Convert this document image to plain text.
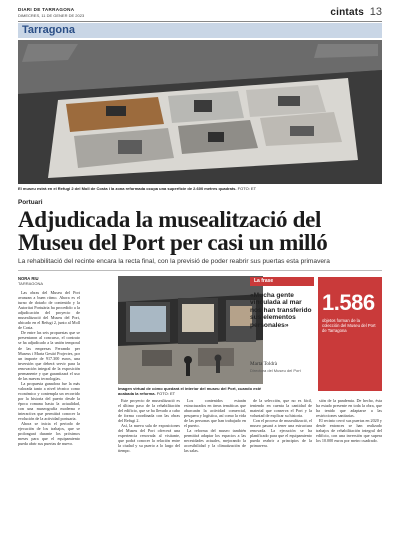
DIARI DE TARRAGONA
DIMECRES, 11 DE GENER DE 2023	cintats 13
Tarragona
El museu estrà en el Refugi 2 del Moll de Costa i la zona reformada ocupa una superfície de 2.600 metres quadrats. FOTO: ET
Portuari
Adjudicada la musealització del Museu del Port per casi un milló
La rehabilitació del recinte encara la recta final, con la previsió de poder reabrir sus puertas esta primavera
NORA RIU
TARRAGONA

Las obras del Museu del Port avanzan a buen ritmo. Ahora es el turno de dotarlo de contenido y la Autoritat Portuària ha procedido a la adjudicación del proyecto de musealització del Museu del Port, ubicado en el Refugi 2, junto al Moll de Costa.

De entre las seis propuestas que se presentaron al concurso, el contrato se ha adjudicado a la unión temporal de las empresas Ferrando per Museus i Marta Gestió Projectes, por un importe de 917.300 euros, una inversión que deberá servir para la renovación integral de la exposición permanente y que garantizará el uso de las nuevas tecnologías.

La propuesta ganadora fue la más valorada tanto a nivel técnico como económico y contempla un recorrido por la historia del puerto desde la época romana hasta la actualidad, con una museografía moderna e interactiva que permitirá conocer la evolución de la actividad portuaria.

Ahora se inicia el periodo de ejecución de los trabajos, que se prolongará durante los próximos meses para que el equipamiento pueda abrir sus puertas de nuevo.

Imagen virtual de cómo quedará el interior del museu del Port, cuando esté acabada la reforma. FOTO: ET

Este proyecto de musealització es el último paso de la rehabilitación del edificio, que se ha llevado a cabo de forma coordinada con las obras del Refugi 2.

Así, la nueva sala de exposiciones del Museu del Port ofrecerá una experiencia renovada al visitante, que podrá conocer la relación entre la ciudad y su puerto a lo largo del tiempo.

Los contenidos estarán estructurados en áreas temáticas que abarcarán la actividad comercial, pesquera y logística, así como la vida de las personas que han trabajado en el puerto.

La reforma del museo también permitirá adaptar los espacios a las necesidades actuales, mejorando la accesibilidad y la climatización de las salas.

de la selección, que no es fácil, teniendo en cuenta la cantidad de material que conserva el Port y la voluntad de explicar su historia.

Con el proceso de musealització, el museo pasará a tener una estructura renovada. La ejecución se ha planificado para que el equipamiento pueda reabrir a principios de la primavera.

sión de la pandemia. De hecho, ésta ha estado presente en toda la obra, que ha tenido que adaptarse a las restricciones sanitarias.

El recinto cerró sus puertas en 2020 y desde entonces se han realizado trabajos de rehabilitación integral del edificio, con una inversión que supera los 10.000 euros por metro cuadrado.

La frase
«Mucha gente vinculada al mar nos han transferido sus elementos personales»
Marta Toldrà
Directora del Museu del Port
1.586
objetos forman de la colección del Museu del Port de Tarragona
